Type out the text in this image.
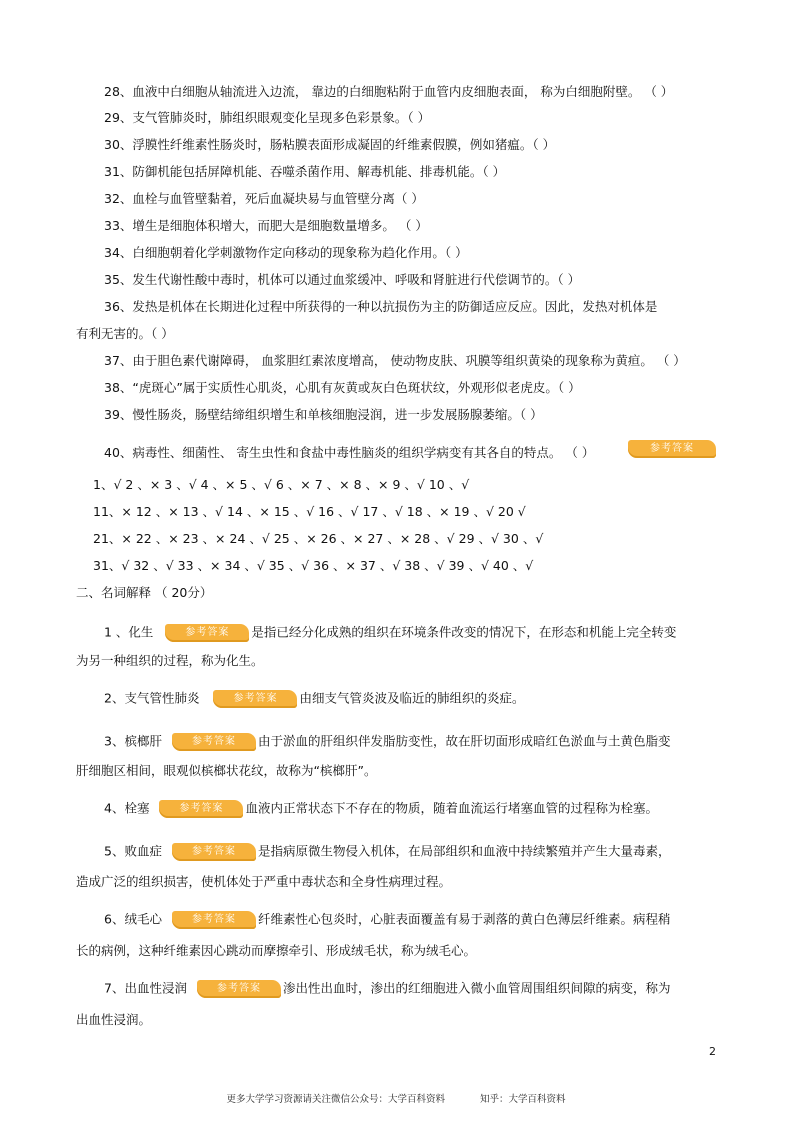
28、血液中白细胞从轴流进入边流， 靠边的白细胞粘附于血管内皮细胞表面， 称为白细胞附壁。 （ ）
29、支气管肺炎时，肺组织眼观变化呈现多色彩景象。（ ）
30、浮膜性纤维素性肠炎时，肠粘膜表面形成凝固的纤维素假膜，例如猪瘟。（ ）
31、防御机能包括屏障机能、吞噬杀菌作用、解毒机能、排毒机能。（ ）
32、血栓与血管壁黏着，死后血凝块易与血管壁分离（ ）
33、增生是细胞体积增大，而肥大是细胞数量增多。 （ ）
34、白细胞朝着化学刺激物作定向移动的现象称为趋化作用。（ ）
35、发生代谢性酸中毒时，机体可以通过血浆缓冲、呼吸和肾脏进行代偿调节的。（ ）
36、发热是机体在长期进化过程中所获得的一种以抗损伤为主的防御适应反应。因此，发热对机体是
有利无害的。（ ）
37、由于胆色素代谢障碍， 血浆胆红素浓度增高， 使动物皮肤、巩膜等组织黄染的现象称为黄疸。 （ ）
38、“虎斑心”属于实质性心肌炎，心肌有灰黄或灰白色斑状纹，外观形似老虎皮。（ ）
39、慢性肠炎，肠壁结缔组织增生和单核细胞浸润，进一步发展肠腺萎缩。（ ）
40、病毒性、细菌性、 寄生虫性和食盐中毒性脑炎的组织学病变有其各自的特点。 （ ）	参考答案
1、√ 2 、× 3 、√ 4 、× 5 、√ 6 、× 7 、× 8 、× 9 、√ 10 、√
11、× 12 、× 13 、√ 14 、× 15 、√ 16 、√ 17 、√ 18 、× 19 、√ 20 √
21、× 22 、× 23 、× 24 、√ 25 、× 26 、× 27 、× 28 、√ 29 、√ 30 、√
31、√ 32 、√ 33 、× 34 、√ 35 、√ 36 、× 37 、√ 38 、√ 39 、√ 40 、√
二、名词解释 （ 20分）
1 、化生	参考答案 是指已经分化成熟的组织在环境条件改变的情况下，在形态和机能上完全转变
为另一种组织的过程，称为化生。
2、支气管性肺炎	参考答案 由细支气管炎波及临近的肺组织的炎症。
3、槟榔肝	参考答案 由于淤血的肝组织伴发脂肪变性，故在肝切面形成暗红色淤血与土黄色脂变
肝细胞区相间，眼观似槟榔状花纹，故称为“槟榔肝”。
4、栓塞	参考答案 血液内正常状态下不存在的物质，随着血流运行堵塞血管的过程称为栓塞。
5、败血症	参考答案 是指病原微生物侵入机体，在局部组织和血液中持续繁殖并产生大量毒素，
造成广泛的组织损害，使机体处于严重中毒状态和全身性病理过程。
6、绒毛心	参考答案 纤维素性心包炎时，心脏表面覆盖有易于剥落的黄白色薄层纤维素。病程稍
长的病例，这种纤维素因心跳动而摩擦牵引、形成绒毛状，称为绒毛心。
7、出血性浸润	参考答案 渗出性出血时，渗出的红细胞进入微小血管周围组织间隙的病变，称为
出血性浸润。
2
更多大学学习资源请关注微信公众号：大学百科资料	知乎：大学百科资料
